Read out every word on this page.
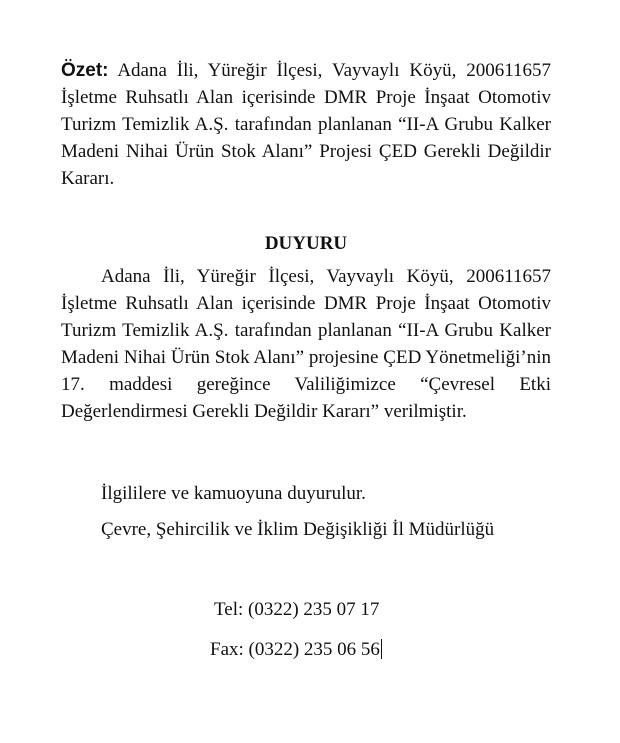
Özet: Adana İli, Yüreğir İlçesi, Vayvaylı Köyü, 200611657 İşletme Ruhsatlı Alan içerisinde DMR Proje İnşaat Otomotiv Turizm Temizlik A.Ş. tarafından planlanan “II-A Grubu Kalker Madeni Nihai Ürün Stok Alanı” Projesi ÇED Gerekli Değildir Kararı.

DUYURU

Adana İli, Yüreğir İlçesi, Vayvaylı Köyü, 200611657 İşletme Ruhsatlı Alan içerisinde DMR Proje İnşaat Otomotiv Turizm Temizlik A.Ş. tarafından planlanan “II-A Grubu Kalker Madeni Nihai Ürün Stok Alanı” projesine ÇED Yönetmeliği’nin 17. maddesi gereğince Valiliğimizce “Çevresel Etki Değerlendirmesi Gerekli Değildir Kararı” verilmiştir.

İlgililere ve kamuoyuna duyurulur.

Çevre, Şehircilik ve İklim Değişikliği İl Müdürlüğü

Tel: (0322) 235 07 17

Fax: (0322) 235 06 56
